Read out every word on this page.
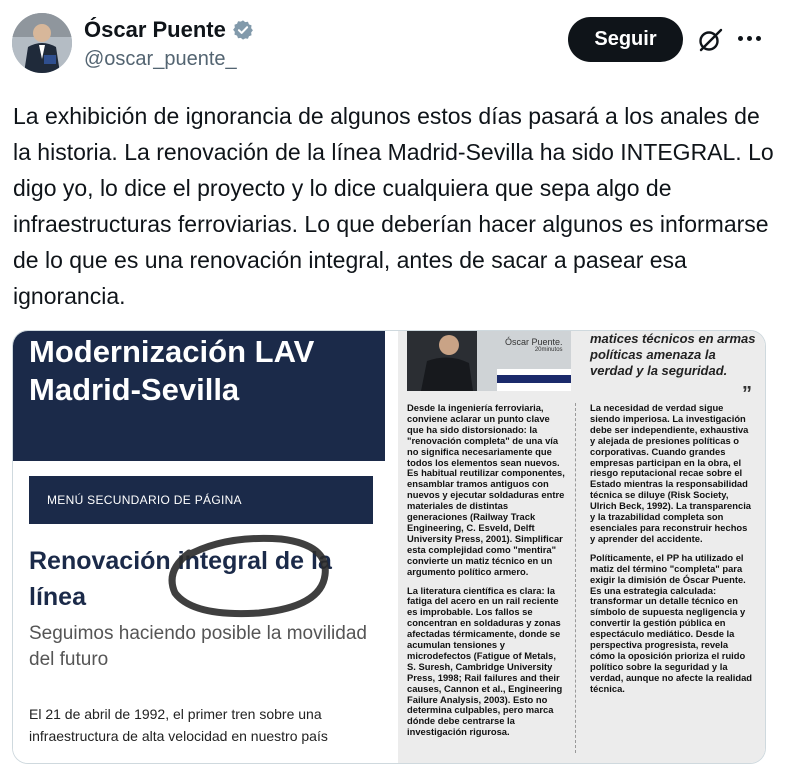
Óscar Puente
@oscar_puente_
Seguir

La exhibición de ignorancia de algunos estos días pasará a los anales de la historia. La renovación de la línea Madrid-Sevilla ha sido INTEGRAL. Lo digo yo, lo dice el proyecto y lo dice cualquiera que sepa algo de infraestructuras ferroviarias. Lo que deberían hacer algunos es informarse de lo que es una renovación integral, antes de sacar a pasear esa ignorancia.

Modernización LAV Madrid-Sevilla
MENÚ SECUNDARIO DE PÁGINA
Renovación integral de la línea

Seguimos haciendo posible la movilidad del futuro

El 21 de abril de 1992, el primer tren sobre una infraestructura de alta velocidad en nuestro país

Óscar Puente.
20minutos

matices técnicos en armas políticas amenaza la verdad y la seguridad.

”

Desde la ingeniería ferroviaria, conviene aclarar un punto clave que ha sido distorsionado: la "renovación completa" de una vía no significa necesariamente que todos los elementos sean nuevos. Es habitual reutilizar componentes, ensamblar tramos antiguos con nuevos y ejecutar soldaduras entre materiales de distintas generaciones (Railway Track Engineering, C. Esveld, Delft University Press, 2001). Simplificar esta complejidad como "mentira" convierte un matiz técnico en un argumento político armero.

La literatura científica es clara: la fatiga del acero en un rail reciente es improbable. Los fallos se concentran en soldaduras y zonas afectadas térmicamente, donde se acumulan tensiones y microdefectos (Fatigue of Metals, S. Suresh, Cambridge University Press, 1998; Rail failures and their causes, Cannon et al., Engineering Failure Analysis, 2003). Esto no determina culpables, pero marca dónde debe centrarse la investigación rigurosa.

La necesidad de verdad sigue siendo imperiosa. La investigación debe ser independiente, exhaustiva y alejada de presiones políticas o corporativas. Cuando grandes empresas participan en la obra, el riesgo reputacional recae sobre el Estado mientras la responsabilidad técnica se diluye (Risk Society, Ulrich Beck, 1992). La transparencia y la trazabilidad completa son esenciales para reconstruir hechos y aprender del accidente.

Políticamente, el PP ha utilizado el matiz del término "completa" para exigir la dimisión de Óscar Puente. Es una estrategia calculada: transformar un detalle técnico en símbolo de supuesta negligencia y convertir la gestión pública en espectáculo mediático. Desde la perspectiva progresista, revela cómo la oposición prioriza el ruido político sobre la seguridad y la verdad, aunque no afecte la realidad técnica.
